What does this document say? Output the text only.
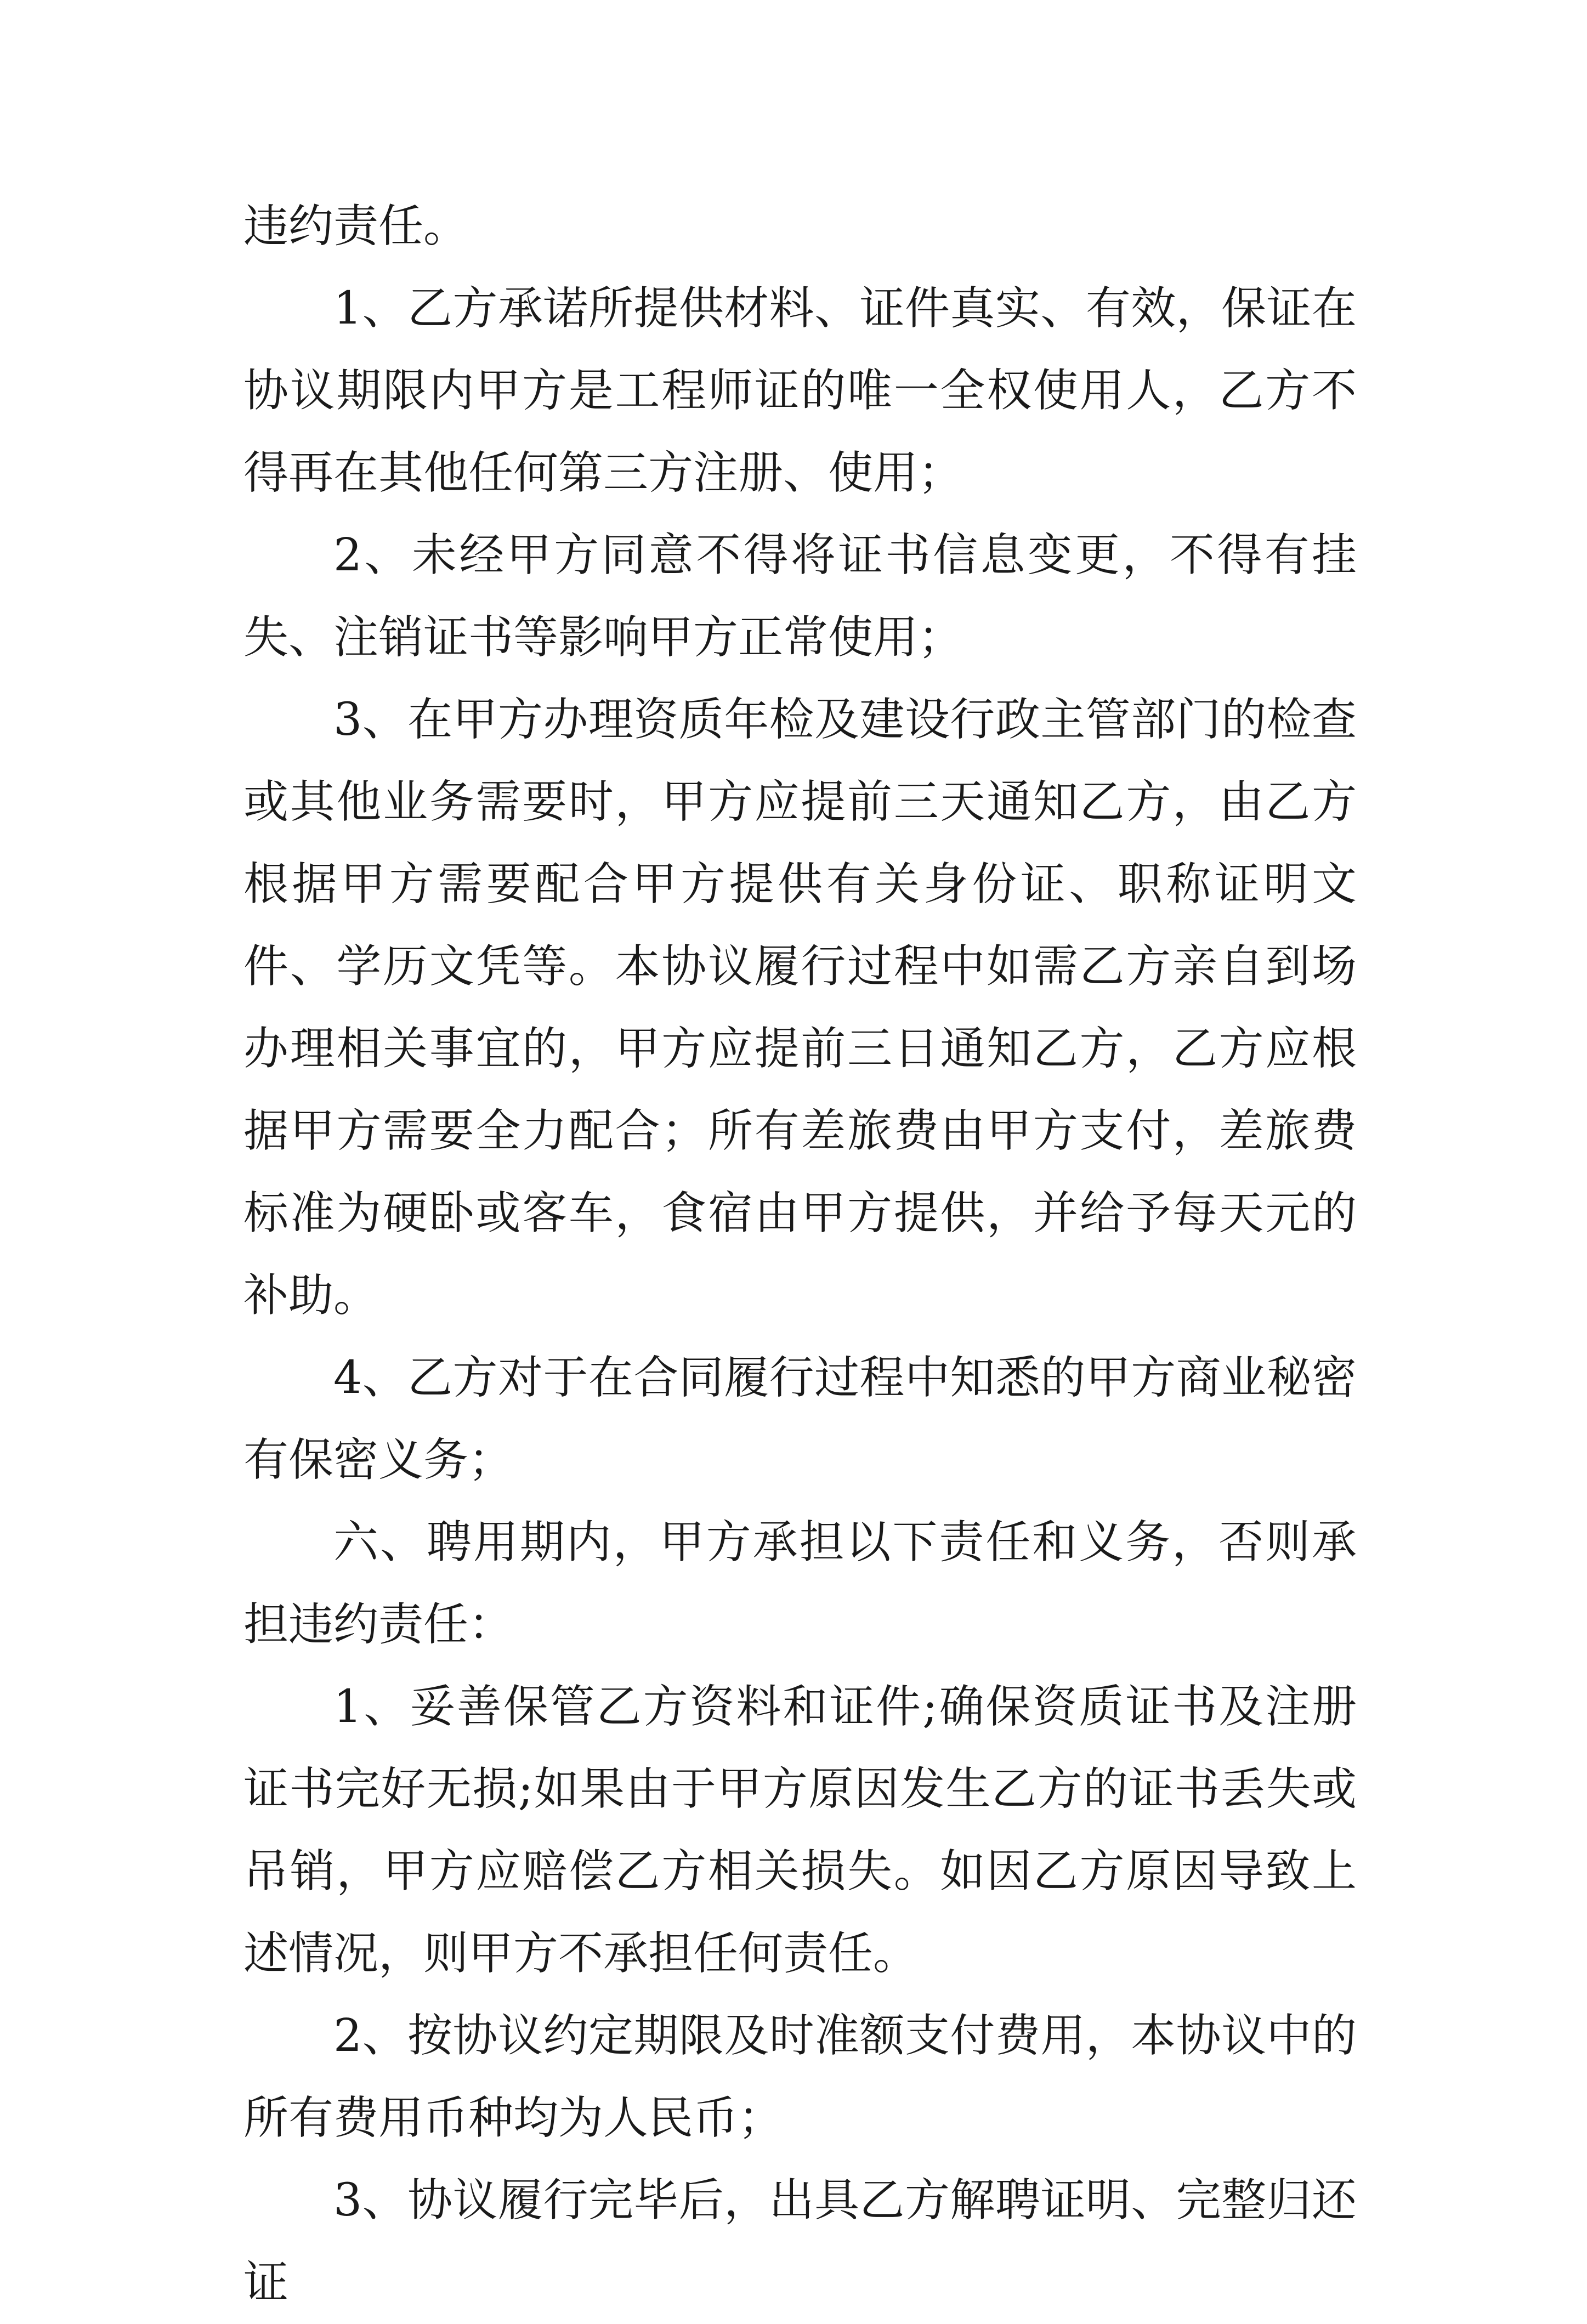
违约责任。

1、乙方承诺所提供材料、证件真实、有效，保证在协议期限内甲方是工程师证的唯一全权使用人，乙方不得再在其他任何第三方注册、使用；

2、未经甲方同意不得将证书信息变更，不得有挂失、注销证书等影响甲方正常使用；

3、在甲方办理资质年检及建设行政主管部门的检查或其他业务需要时，甲方应提前三天通知乙方，由乙方根据甲方需要配合甲方提供有关身份证、职称证明文件、学历文凭等。本协议履行过程中如需乙方亲自到场办理相关事宜的，甲方应提前三日通知乙方，乙方应根据甲方需要全力配合；所有差旅费由甲方支付，差旅费标准为硬卧或客车，食宿由甲方提供，并给予每天元的补助。

4、乙方对于在合同履行过程中知悉的甲方商业秘密有保密义务；

六、聘用期内，甲方承担以下责任和义务，否则承担违约责任：

1、妥善保管乙方资料和证件;确保资质证书及注册证书完好无损;如果由于甲方原因发生乙方的证书丢失或吊销，甲方应赔偿乙方相关损失。如因乙方原因导致上述情况，则甲方不承担任何责任。

2、按协议约定期限及时准额支付费用，本协议中的所有费用币种均为人民币；

3、协议履行完毕后，出具乙方解聘证明、完整归还证
